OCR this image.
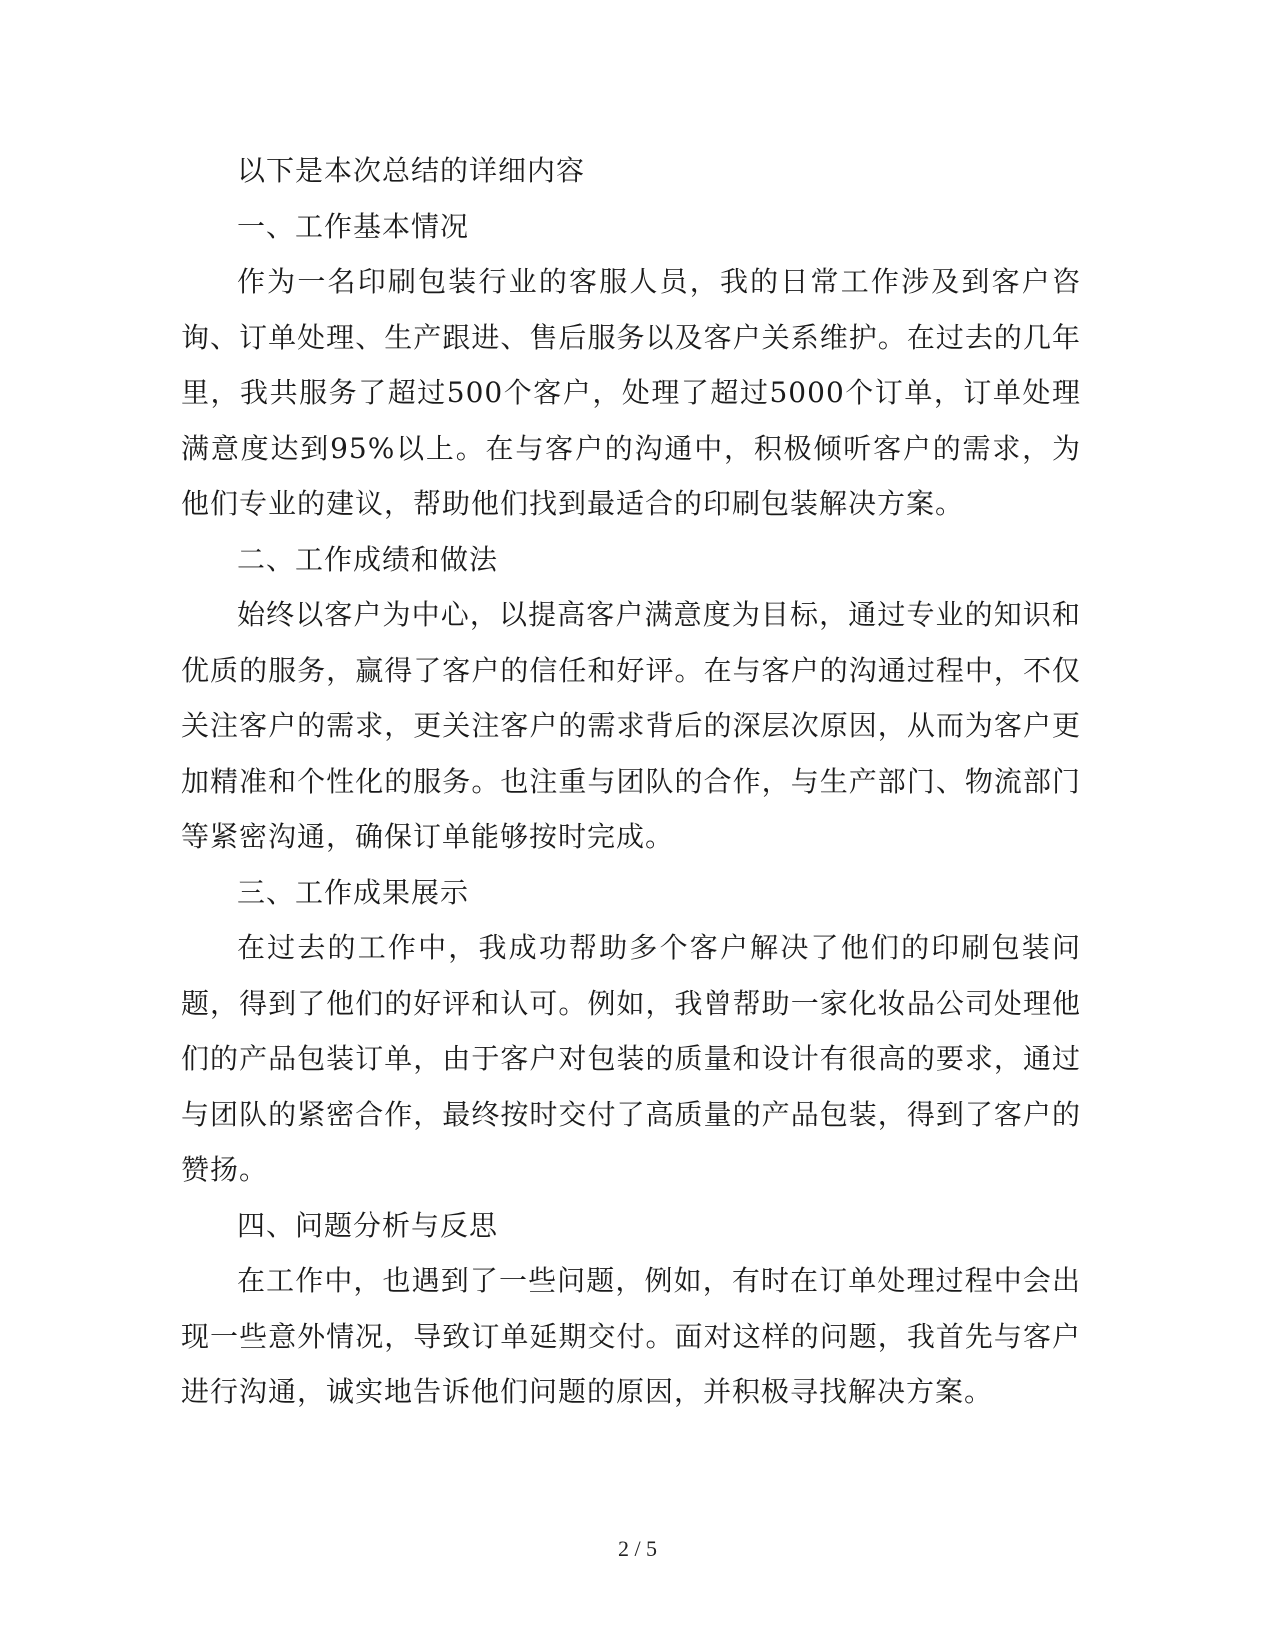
以下是本次总结的详细内容

一、工作基本情况

作为一名印刷包装行业的客服人员，我的日常工作涉及到客户咨询、订单处理、生产跟进、售后服务以及客户关系维护。在过去的几年里，我共服务了超过500个客户，处理了超过5000个订单，订单处理满意度达到95%以上。在与客户的沟通中，积极倾听客户的需求，为他们专业的建议，帮助他们找到最适合的印刷包装解决方案。

二、工作成绩和做法

始终以客户为中心，以提高客户满意度为目标，通过专业的知识和优质的服务，赢得了客户的信任和好评。在与客户的沟通过程中，不仅关注客户的需求，更关注客户的需求背后的深层次原因，从而为客户更加精准和个性化的服务。也注重与团队的合作，与生产部门、物流部门等紧密沟通，确保订单能够按时完成。

三、工作成果展示

在过去的工作中，我成功帮助多个客户解决了他们的印刷包装问题，得到了他们的好评和认可。例如，我曾帮助一家化妆品公司处理他们的产品包装订单，由于客户对包装的质量和设计有很高的要求，通过与团队的紧密合作，最终按时交付了高质量的产品包装，得到了客户的赞扬。

四、问题分析与反思

在工作中，也遇到了一些问题，例如，有时在订单处理过程中会出现一些意外情况，导致订单延期交付。面对这样的问题，我首先与客户进行沟通，诚实地告诉他们问题的原因，并积极寻找解决方案。

2 / 5
